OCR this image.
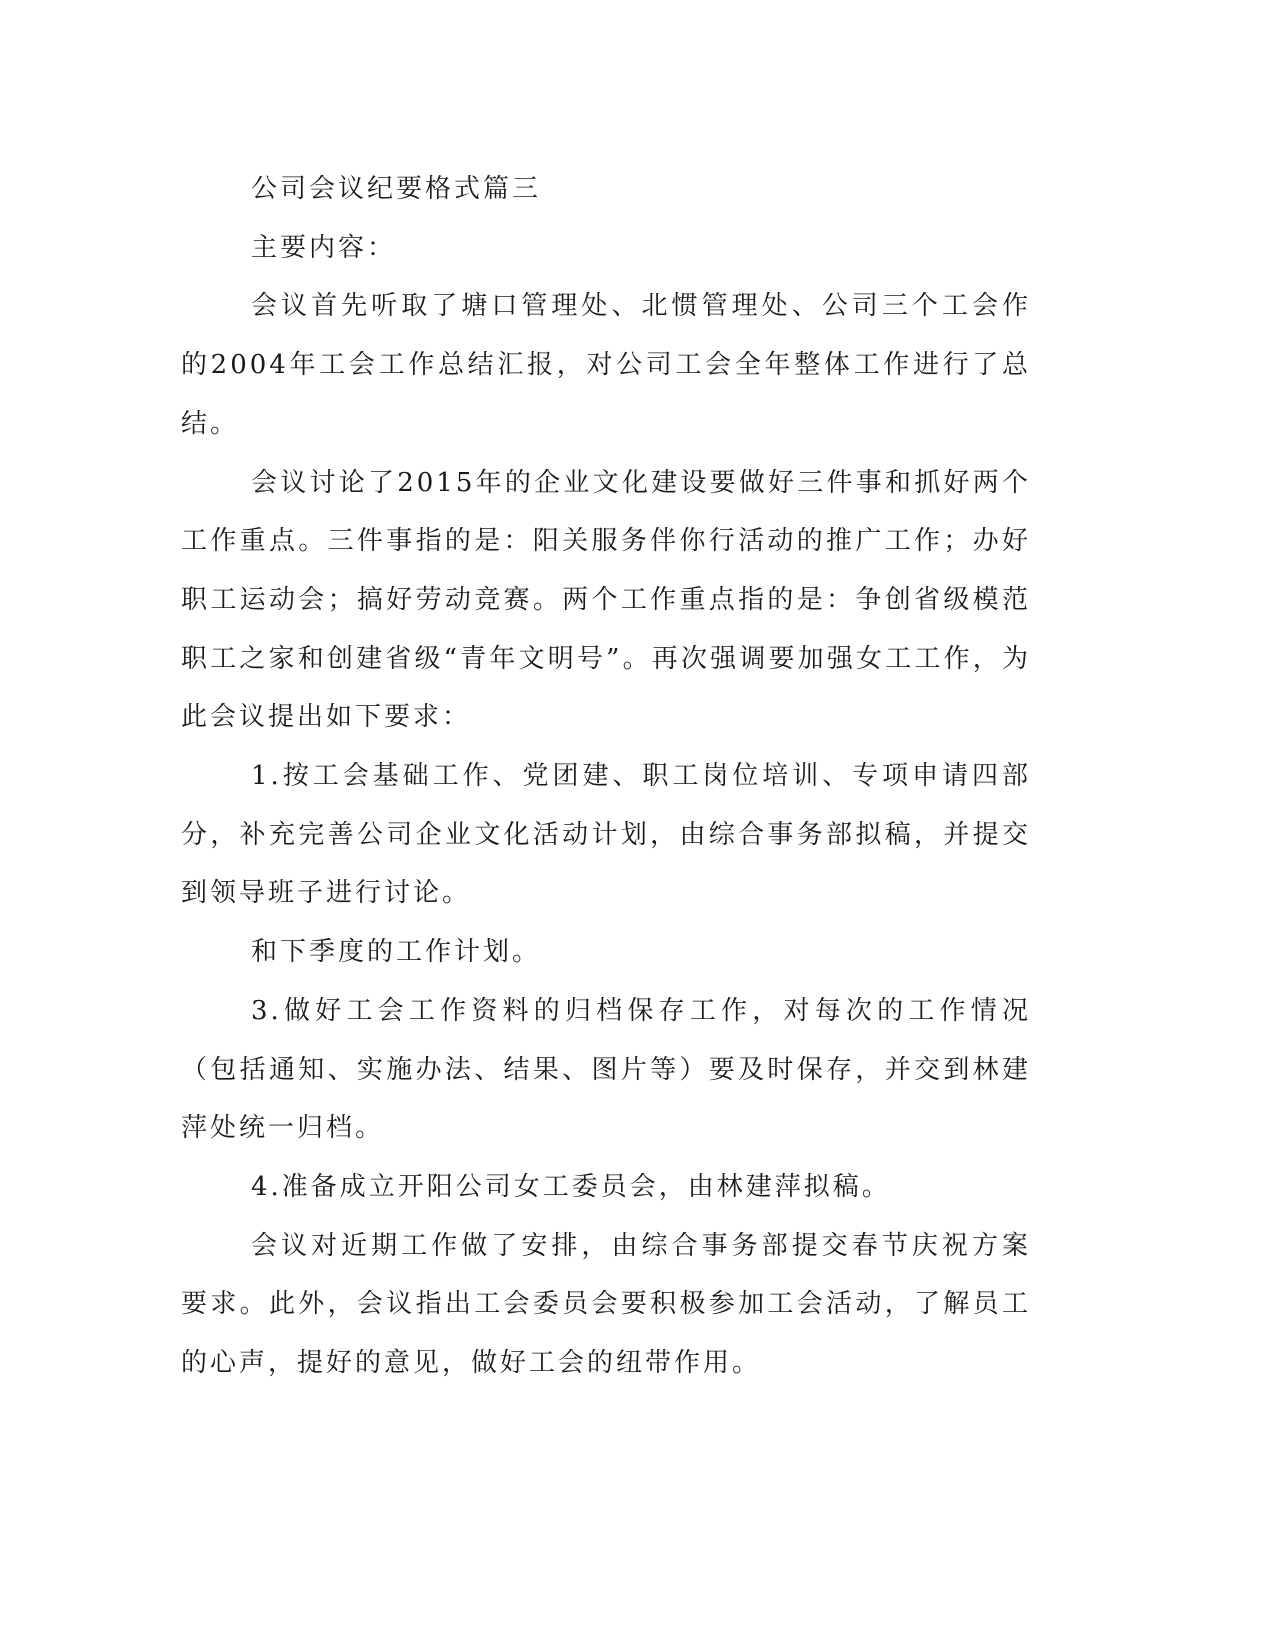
公司会议纪要格式篇三

主要内容：

会议首先听取了塘口管理处、北惯管理处、公司三个工会作的2004年工会工作总结汇报，对公司工会全年整体工作进行了总结。

会议讨论了2015年的企业文化建设要做好三件事和抓好两个工作重点。三件事指的是：阳关服务伴你行活动的推广工作；办好职工运动会；搞好劳动竞赛。两个工作重点指的是：争创省级模范职工之家和创建省级“青年文明号”。再次强调要加强女工工作，为此会议提出如下要求：

1.按工会基础工作、党团建、职工岗位培训、专项申请四部分，补充完善公司企业文化活动计划，由综合事务部拟稿，并提交到领导班子进行讨论。

和下季度的工作计划。

3.做好工会工作资料的归档保存工作，对每次的工作情况（包括通知、实施办法、结果、图片等）要及时保存，并交到林建萍处统一归档。

4.准备成立开阳公司女工委员会，由林建萍拟稿。

会议对近期工作做了安排，由综合事务部提交春节庆祝方案要求。此外，会议指出工会委员会要积极参加工会活动，了解员工的心声，提好的意见，做好工会的纽带作用。
